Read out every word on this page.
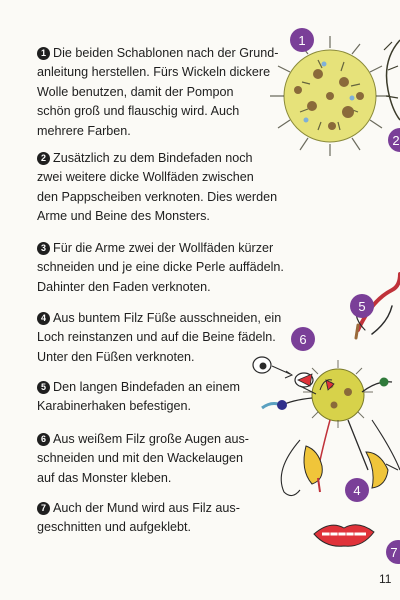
1 Die beiden Schablonen nach der Grund-
anleitung herstellen. Fürs Wickeln dickere
Wolle benutzen, damit der Pompon
schön groß und flauschig wird. Auch
mehrere Farben.

2 Zusätzlich zu dem Bindefaden noch
zwei weitere dicke Wollfäden zwischen
den Pappscheiben verknoten. Dies werden
Arme und Beine des Monsters.

3 Für die Arme zwei der Wollfäden kürzer
schneiden und je eine dicke Perle auffädeln.
Dahinter den Faden verknoten.

4 Aus buntem Filz Füße ausschneiden, ein
Loch reinstanzen und auf die Beine fädeln.
Unter den Füßen verknoten.

5 Den langen Bindefaden an einem
Karabinerhaken befestigen.

6 Aus weißem Filz große Augen aus-
schneiden und mit den Wackelaugen
auf das Monster kleben.

7 Auch der Mund wird aus Filz aus-
geschnitten und aufgeklebt.

1
2
5
6
4
7
11
